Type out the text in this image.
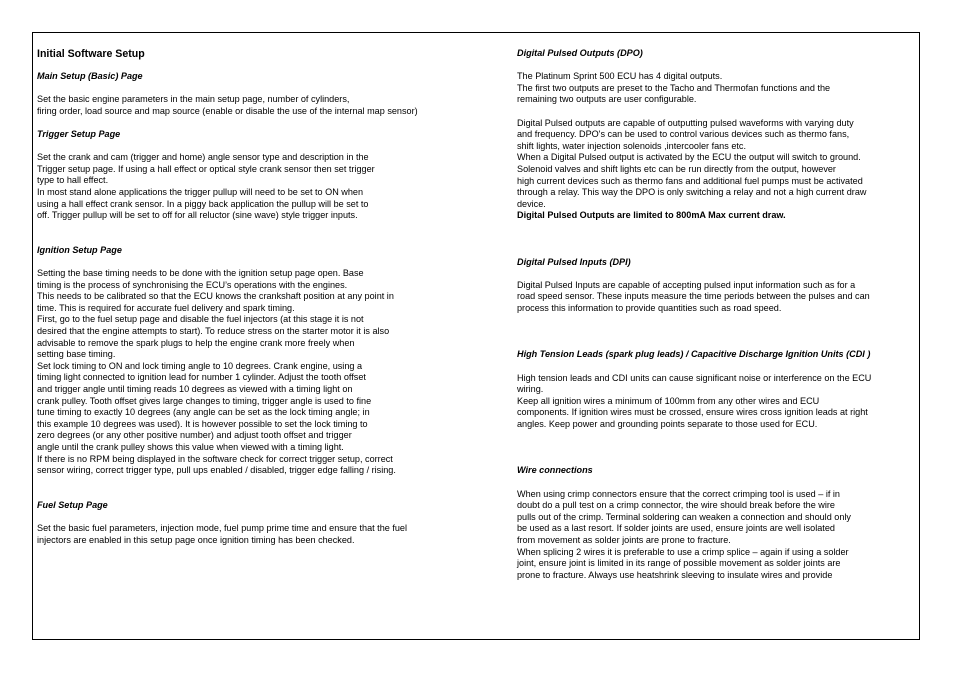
Initial Software Setup
Main Setup (Basic) Page
Set the basic engine parameters in the main setup page, number of cylinders,
firing order, load source and map source (enable or disable the use of the internal map sensor)
Trigger Setup Page
Set the crank and cam (trigger and home) angle sensor type and description in the
Trigger setup page. If using a hall effect or optical style crank sensor then set trigger
type to hall effect.
In most stand alone applications the trigger pullup will need to be set to ON when
using a hall effect crank sensor. In a piggy back application the pullup will be set to
off. Trigger pullup will be set to off for all reluctor (sine wave) style trigger inputs.
Ignition Setup Page
Setting the base timing needs to be done with the ignition setup page open. Base
timing is the process of synchronising the ECU’s operations with the engines.
This needs to be calibrated so that the ECU knows the crankshaft position at any point in
time. This is required for accurate fuel delivery and spark timing.
First, go to the fuel setup page and disable the fuel injectors (at this stage it is not
desired that the engine attempts to start). To reduce stress on the starter motor it is also
advisable to remove the spark plugs to help the engine crank more freely when
setting base timing.
Set lock timing to ON and lock timing angle to 10 degrees. Crank engine, using a
timing light connected to ignition lead for number 1 cylinder. Adjust the tooth offset
and trigger angle until timing reads 10 degrees as viewed with a timing light on
crank pulley. Tooth offset gives large changes to timing, trigger angle is used to fine
tune timing to exactly 10 degrees (any angle can be set as the lock timing angle; in
this example 10 degrees was used). It is however possible to set the lock timing to
zero degrees (or any other positive number) and adjust tooth offset and trigger
angle until the crank pulley shows this value when viewed with a timing light.
If there is no RPM being displayed in the software check for correct trigger setup, correct
sensor wiring, correct trigger type, pull ups enabled / disabled, trigger edge falling / rising.
Fuel Setup Page
Set the basic fuel parameters, injection mode, fuel pump prime time and ensure that the fuel
injectors are enabled in this setup page once ignition timing has been checked.
Digital Pulsed Outputs (DPO)
The Platinum Sprint 500 ECU has 4 digital outputs.
The first two outputs are preset to the Tacho and Thermofan functions and the
remaining two outputs are user configurable.
Digital Pulsed outputs are capable of outputting pulsed waveforms with varying duty
and frequency. DPO's can be used to control various devices such as thermo fans,
shift lights, water injection solenoids ,intercooler fans etc.
When a Digital Pulsed output is activated by the ECU the output will switch to ground.
Solenoid valves and shift lights etc can be run directly from the output, however
high current devices such as thermo fans and additional fuel pumps must be activated
through a relay. This way the DPO is only switching a relay and not a high current draw
device.
Digital Pulsed Outputs are limited to 800mA Max current draw.
Digital Pulsed Inputs (DPI)
Digital Pulsed Inputs are capable of accepting pulsed input information such as for a
road speed sensor. These inputs measure the time periods between the pulses and can
process this information to provide quantities such as road speed.
High Tension Leads (spark plug leads) / Capacitive Discharge Ignition Units (CDI )
High tension leads and CDI units can cause significant noise or interference on the ECU
wiring.
Keep all ignition wires a minimum of 100mm from any other wires and ECU
components. If ignition wires must be crossed, ensure wires cross ignition leads at right
angles. Keep power and grounding points separate to those used for ECU.
Wire connections
When using crimp connectors ensure that the correct crimping tool is used – if in
doubt do a pull test on a crimp connector, the wire should break before the wire
pulls out of the crimp. Terminal soldering can weaken a connection and should only
be used as a last resort. If solder joints are used, ensure joints are well isolated
from movement as solder joints are prone to fracture.
When splicing 2 wires it is preferable to use a crimp splice – again if using a solder
joint, ensure joint is limited in its range of possible movement as solder joints are
prone to fracture. Always use heatshrink sleeving to insulate wires and provide
